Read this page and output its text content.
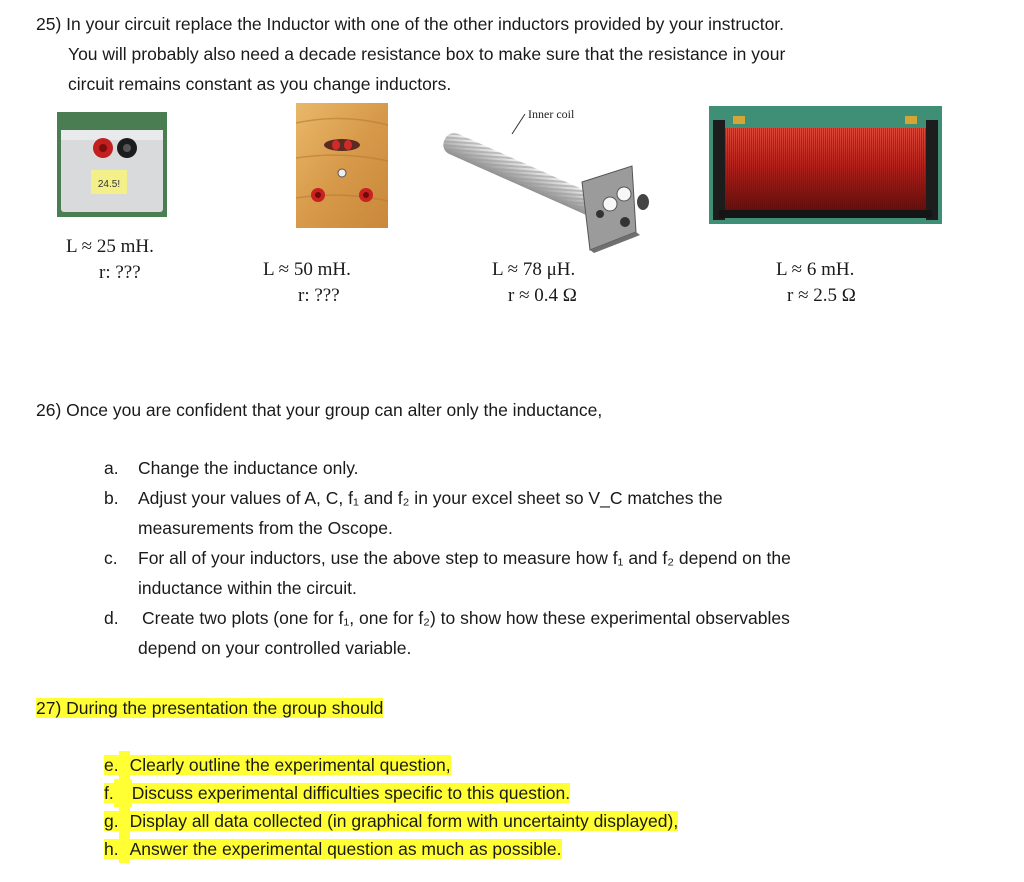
25) In your circuit replace the Inductor with one of the other inductors provided by your instructor.
You will probably also need a decade resistance box to make sure that the resistance in your
circuit remains constant as you change inductors.
24.5!
Inner coil
L ≈ 25 mH.
r: ???	L ≈ 50 mH.
r: ???
L ≈ 78 μH.
r ≈ 0.4 Ω
L ≈ 6 mH.
r ≈ 2.5 Ω
26) Once you are confident that your group can alter only the inductance,
a. Change the inductance only.
b. Adjust your values of A, C, f₁ and f₂ in your excel sheet so V_C matches the
measurements from the Oscope.
c. For all of your inductors, use the above step to measure how f₁ and f₂ depend on the
inductance within the circuit.
d. Create two plots (one for f₁, one for f₂) to show how these experimental observables
depend on your controlled variable.
27) During the presentation the group should
e. Clearly outline the experimental question,
f. Discuss experimental difficulties specific to this question.
g. Display all data collected (in graphical form with uncertainty displayed),
h. Answer the experimental question as much as possible.
